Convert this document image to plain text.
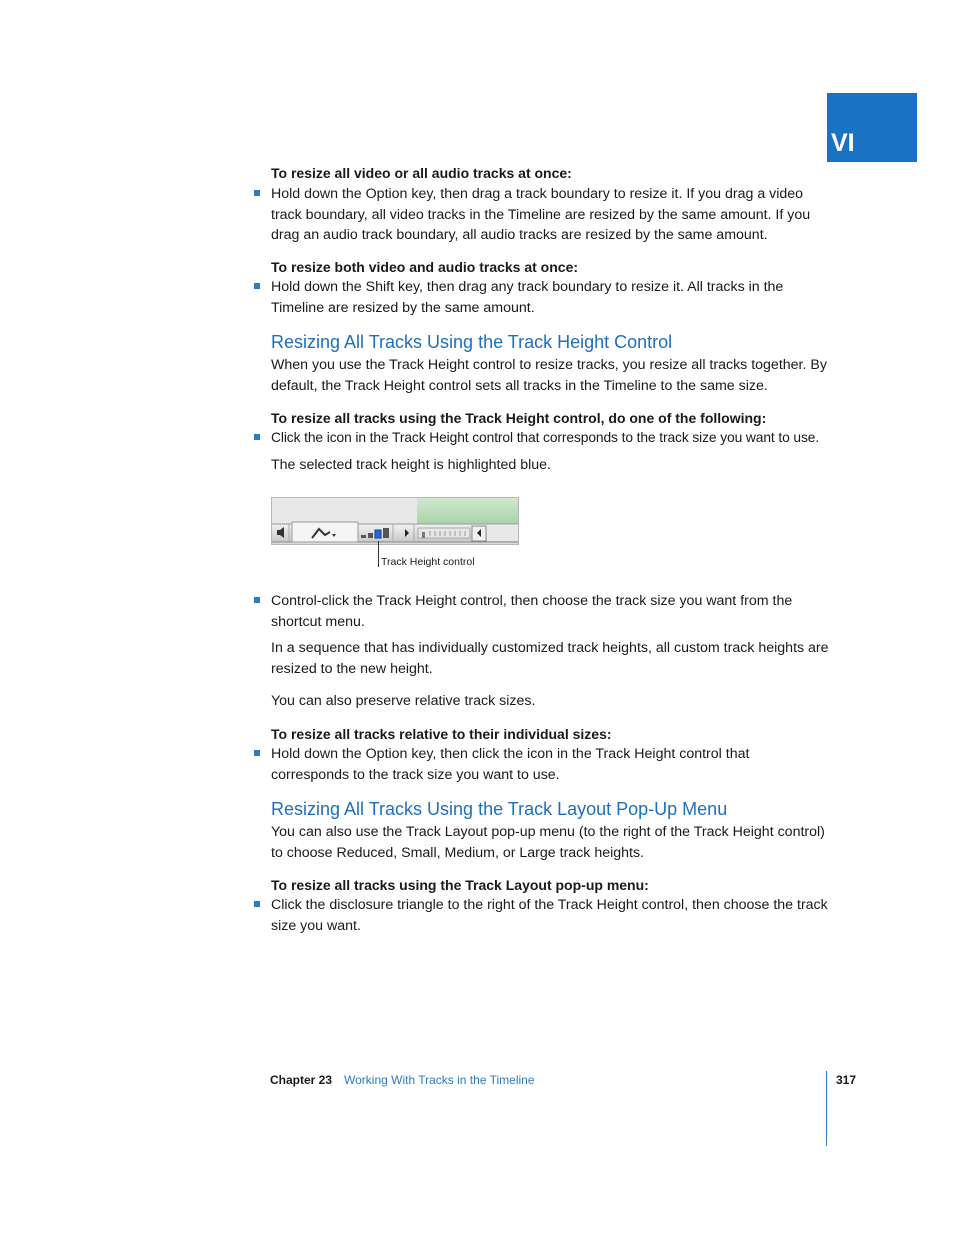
VI
To resize all video or all audio tracks at once:
Hold down the Option key, then drag a track boundary to resize it. If you drag a video track boundary, all video tracks in the Timeline are resized by the same amount. If you drag an audio track boundary, all audio tracks are resized by the same amount.
To resize both video and audio tracks at once:
Hold down the Shift key, then drag any track boundary to resize it. All tracks in the Timeline are resized by the same amount.
Resizing All Tracks Using the Track Height Control
When you use the Track Height control to resize tracks, you resize all tracks together. By default, the Track Height control sets all tracks in the Timeline to the same size.
To resize all tracks using the Track Height control, do one of the following:
Click the icon in the Track Height control that corresponds to the track size you want to use.
The selected track height is highlighted blue.
Track Height control
Control-click the Track Height control, then choose the track size you want from the shortcut menu.
In a sequence that has individually customized track heights, all custom track heights are resized to the new height.
You can also preserve relative track sizes.
To resize all tracks relative to their individual sizes:
Hold down the Option key, then click the icon in the Track Height control that corresponds to the track size you want to use.
Resizing All Tracks Using the Track Layout Pop-Up Menu
You can also use the Track Layout pop-up menu (to the right of the Track Height control) to choose Reduced, Small, Medium, or Large track heights.
To resize all tracks using the Track Layout pop-up menu:
Click the disclosure triangle to the right of the Track Height control, then choose the track size you want.
Chapter 23 Working With Tracks in the Timeline	317
